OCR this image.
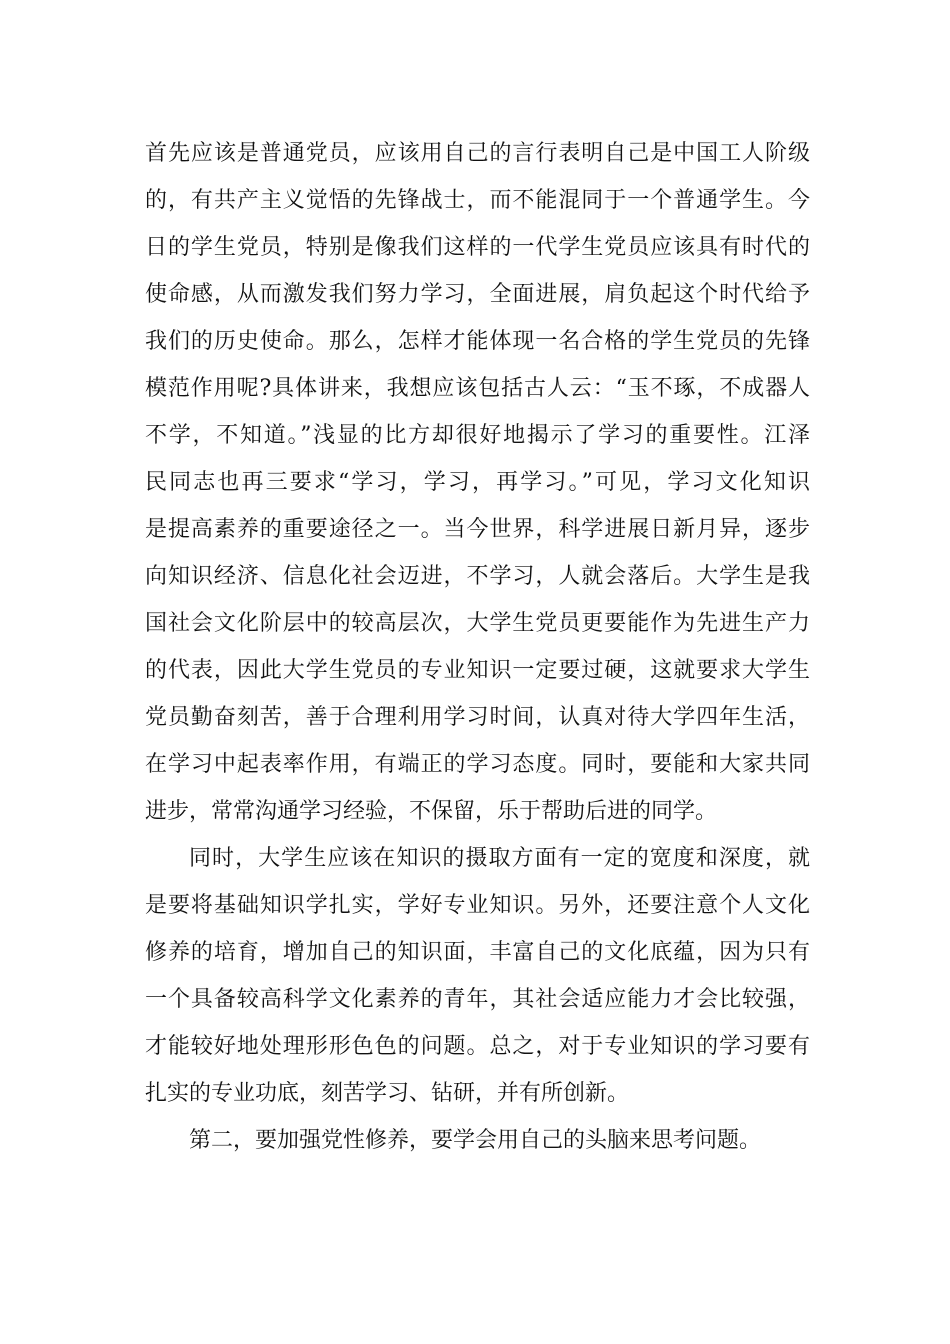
首先应该是普通党员，应该用自己的言行表明自己是中国工人阶级
的，有共产主义觉悟的先锋战士，而不能混同于一个普通学生。今
日的学生党员，特别是像我们这样的一代学生党员应该具有时代的
使命感，从而激发我们努力学习，全面进展，肩负起这个时代给予
我们的历史使命。那么，怎样才能体现一名合格的学生党员的先锋
模范作用呢?具体讲来，我想应该包括古人云：“玉不琢，不成器人
不学，不知道。”浅显的比方却很好地揭示了学习的重要性。江泽
民同志也再三要求“学习，学习，再学习。”可见，学习文化知识
是提高素养的重要途径之一。当今世界，科学进展日新月异，逐步
向知识经济、信息化社会迈进，不学习，人就会落后。大学生是我
国社会文化阶层中的较高层次，大学生党员更要能作为先进生产力
的代表，因此大学生党员的专业知识一定要过硬，这就要求大学生
党员勤奋刻苦，善于合理利用学习时间，认真对待大学四年生活，
在学习中起表率作用，有端正的学习态度。同时，要能和大家共同
进步，常常沟通学习经验，不保留，乐于帮助后进的同学。
同时，大学生应该在知识的摄取方面有一定的宽度和深度，就
是要将基础知识学扎实，学好专业知识。另外，还要注意个人文化
修养的培育，增加自己的知识面，丰富自己的文化底蕴，因为只有
一个具备较高科学文化素养的青年，其社会适应能力才会比较强，
才能较好地处理形形色色的问题。总之，对于专业知识的学习要有
扎实的专业功底，刻苦学习、钻研，并有所创新。
第二，要加强党性修养，要学会用自己的头脑来思考问题。
